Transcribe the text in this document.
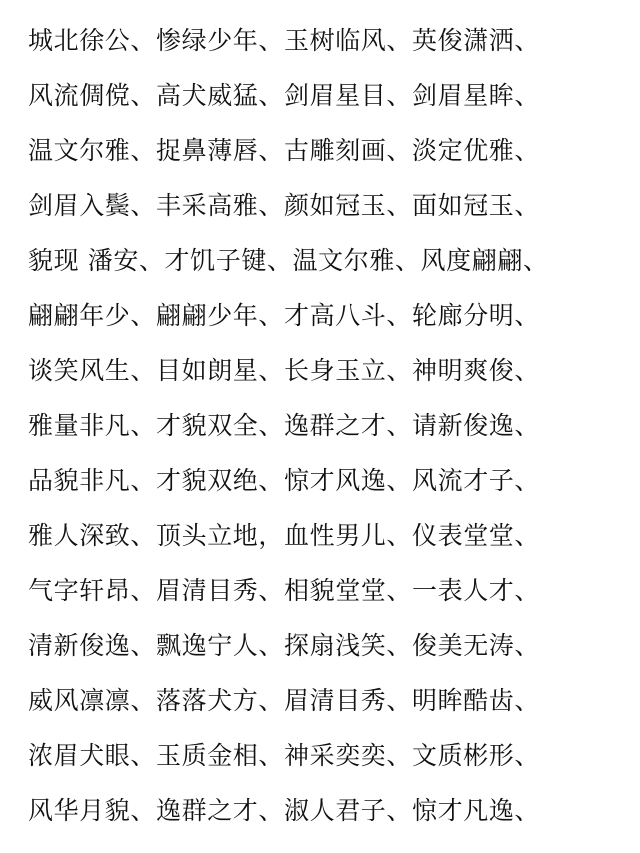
城北徐公、惨绿少年、玉树临风、英俊潇洒、
风流倜傥、高犬威猛、剑眉星目、剑眉星眸、
温文尔雅、捉鼻薄唇、古雕刻画、淡定优雅、
剑眉入鬓、丰采高雅、颜如冠玉、面如冠玉、
貌现 潘安、才饥子键、温文尔雅、风度翩翩、
翩翩年少、翩翩少年、才高八斗、轮廊分明、
谈笑风生、目如朗星、长身玉立、神明爽俊、
雅量非凡、才貌双全、逸群之才、请新俊逸、
品貌非凡、才貌双绝、惊才风逸、风流才子、
雅人深致、顶头立地，血性男儿、仪表堂堂、
气字轩昂、眉清目秀、相貌堂堂、一表人才、
清新俊逸、飘逸宁人、探扇浅笑、俊美无涛、
威风凛凛、落落犬方、眉清目秀、明眸酷齿、
浓眉犬眼、玉质金相、神采奕奕、文质彬形、
风华月貌、逸群之才、淑人君子、惊才凡逸、
